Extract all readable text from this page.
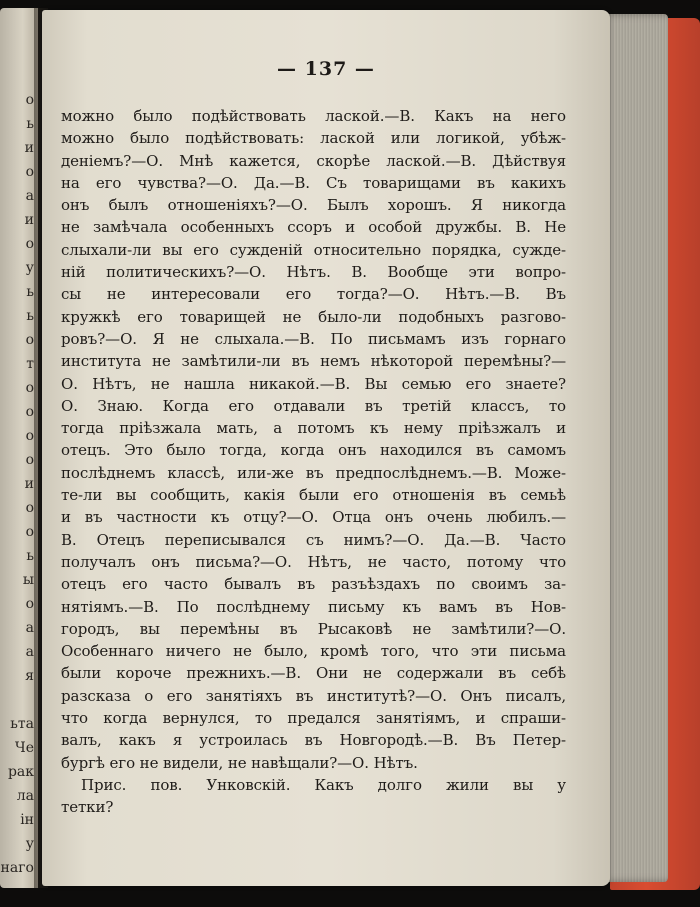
о
ь
и
о
а
и
о
у
ь
ь
о
т
о
о
о
о
и
о
о
ь
ы
о
а
а
я
ьта
Че
рак
ла
ін
у
наго
— 137 —
можно было подѣйствовать лаской.—В. Какъ на него
можно было подѣйствовать: лаской или логикой, убѣж-
деніемъ?—О. Мнѣ кажется, скорѣе лаской.—В. Дѣйствуя
на его чувства?—О. Да.—В. Съ товарищами въ какихъ
онъ былъ отношеніяхъ?—О. Былъ хорошъ. Я никогда
не замѣчала особенныхъ ссоръ и особой дружбы. В. Не
слыхали-ли вы его сужденій относительно порядка, сужде-
ній политическихъ?—О. Нѣтъ. В. Вообще эти вопро-
сы не интересовали его тогда?—О. Нѣтъ.—В. Въ
кружкѣ его товарищей не было-ли подобныхъ разгово-
ровъ?—О. Я не слыхала.—В. По письмамъ изъ горнаго
института не замѣтили-ли въ немъ нѣкоторой перемѣны?—
О. Нѣтъ, не нашла никакой.—В. Вы семью его знаете?
О. Знаю. Когда его отдавали въ третій классъ, то
тогда пріѣзжала мать, а потомъ къ нему пріѣзжалъ и
отецъ. Это было тогда, когда онъ находился въ самомъ
послѣднемъ классѣ, или-же въ предпослѣднемъ.—В. Може-
те-ли вы сообщить, какія были его отношенія въ семьѣ
и въ частности къ отцу?—О. Отца онъ очень любилъ.—
В. Отецъ переписывался съ нимъ?—О. Да.—В. Часто
получалъ онъ письма?—О. Нѣтъ, не часто, потому что
отецъ его часто бывалъ въ разъѣздахъ по своимъ за-
нятіямъ.—В. По послѣднему письму къ вамъ въ Нов-
городъ, вы перемѣны въ Рысаковѣ не замѣтили?—О.
Особеннаго ничего не было, кромѣ того, что эти письма
были короче прежнихъ.—В. Они не содержали въ себѣ
разсказа о его занятіяхъ въ институтѣ?—О. Онъ писалъ,
что когда вернулся, то предался занятіямъ, и спраши-
валъ, какъ я устроилась въ Новгородѣ.—В. Въ Петер-
бургѣ его не видели, не навѣщали?—О. Нѣтъ.
Прис. пов. Унковскій. Какъ долго жили вы у
тетки?
